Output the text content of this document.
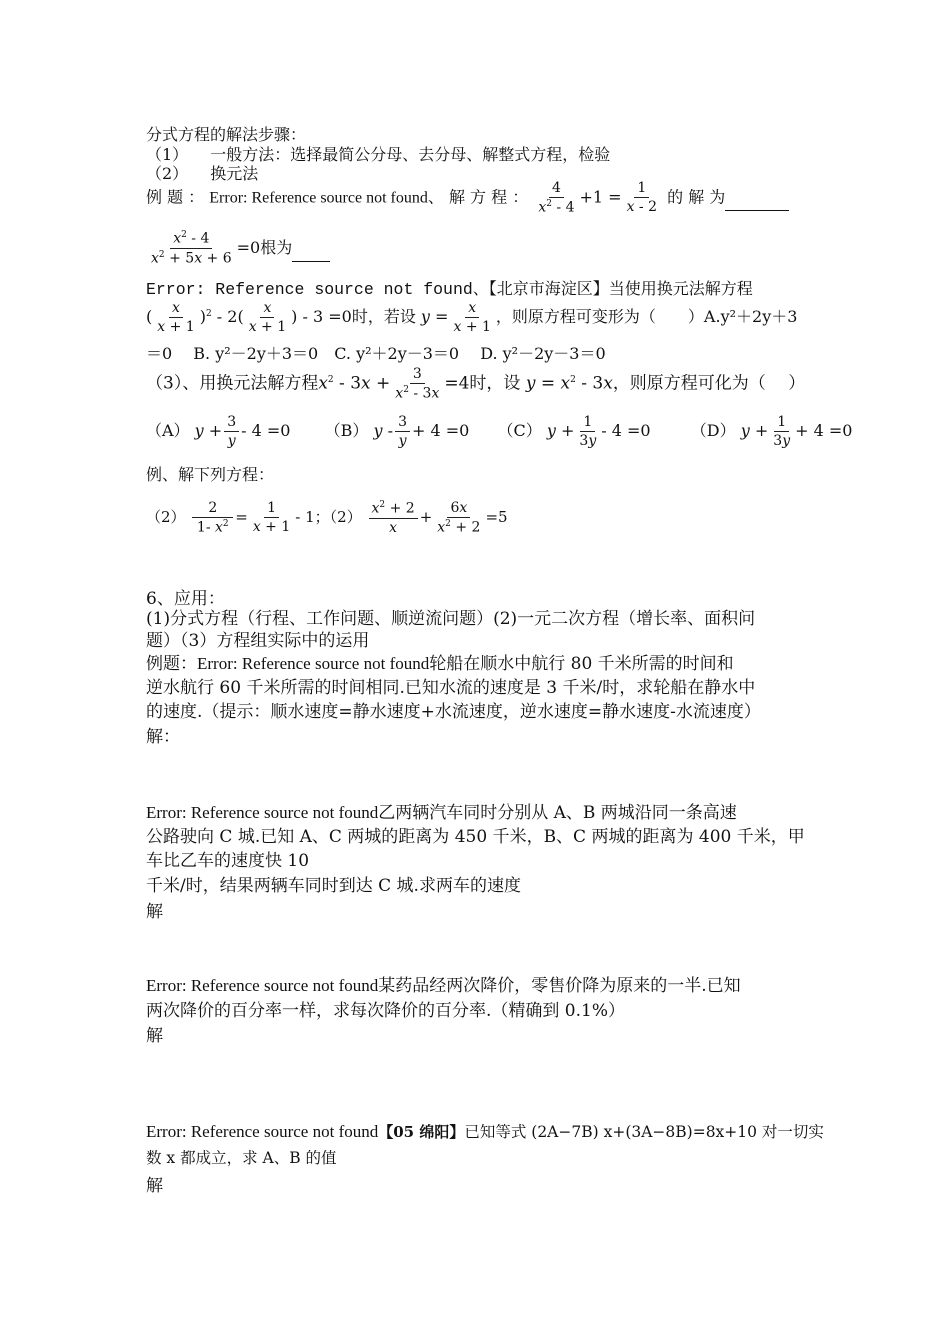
分式方程的解法步骤：
（1） 一般方法：选择最简公分母、去分母、解整式方程，检验
（2） 换元法
例 题 ： Error: Reference source not found、 解 方 程 ： $\frac{4}{x^2 - 4} +1 = \frac{1}{x - 2}$ 的 解 为
$\frac{x^2 - 4}{x^2 + 5x + 6} =0$根为
Error: Reference source not found、【北京市海淀区】当使用换元法解方程
( $\frac{x}{x + 1} )^2 - 2( \frac{x}{x + 1}$ ) - 3 =0时，若设 $y = \frac{x}{x + 1}$ ，则原方程可变形为（　　）A.y²＋2y＋3
＝0　 B. y²－2y＋3＝0　C. y²＋2y－3＝0　 D. y²－2y－3＝0
（3）、用换元法解方程$x^2 - 3x + \frac{3}{x^2 - 3x} =4$时，设 $y = x^2 - 3x$，则原方程可化为（　 ）
（A） $y + \frac{3}{y} - 4 =0$ （B） $y - \frac{3}{y} + 4 =0$ （C） $y + \frac{1}{3y} - 4 =0$	（D） $y + \frac{1}{3y} + 4 =0$
例、解下列方程：
$(2) \frac{2}{1- x^2} = \frac{1}{x + 1} - 1$；$(2) \frac{x^2 + 2}{x} + \frac{6x}{x^2 + 2} =5$
6、应用：
(1)分式方程（行程、工作问题、顺逆流问题）(2)一元二次方程（增长率、面积问
题）（3）方程组实际中的运用
例题：Error: Reference source not found轮船在顺水中航行 80 千米所需的时间和
逆水航行 60 千米所需的时间相同.已知水流的速度是 3 千米/时，求轮船在静水中
的速度.（提示：顺水速度=静水速度+水流速度，逆水速度=静水速度-水流速度）
解：
Error: Reference source not found乙两辆汽车同时分别从 A、B 两城沿同一条高速
公路驶向 C 城.已知 A、C 两城的距离为 450 千米，B、C 两城的距离为 400 千米，甲
车比乙车的速度快 10
千米/时，结果两辆车同时到达 C 城.求两车的速度
解
Error: Reference source not found某药品经两次降价，零售价降为原来的一半.已知
两次降价的百分率一样，求每次降价的百分率.（精确到 0.1%）
解
Error: Reference source not found【05 绵阳】已知等式 (2A−7B) x+(3A−8B)=8x+10 对一切实
数 x 都成立，求 A、B 的值
解
